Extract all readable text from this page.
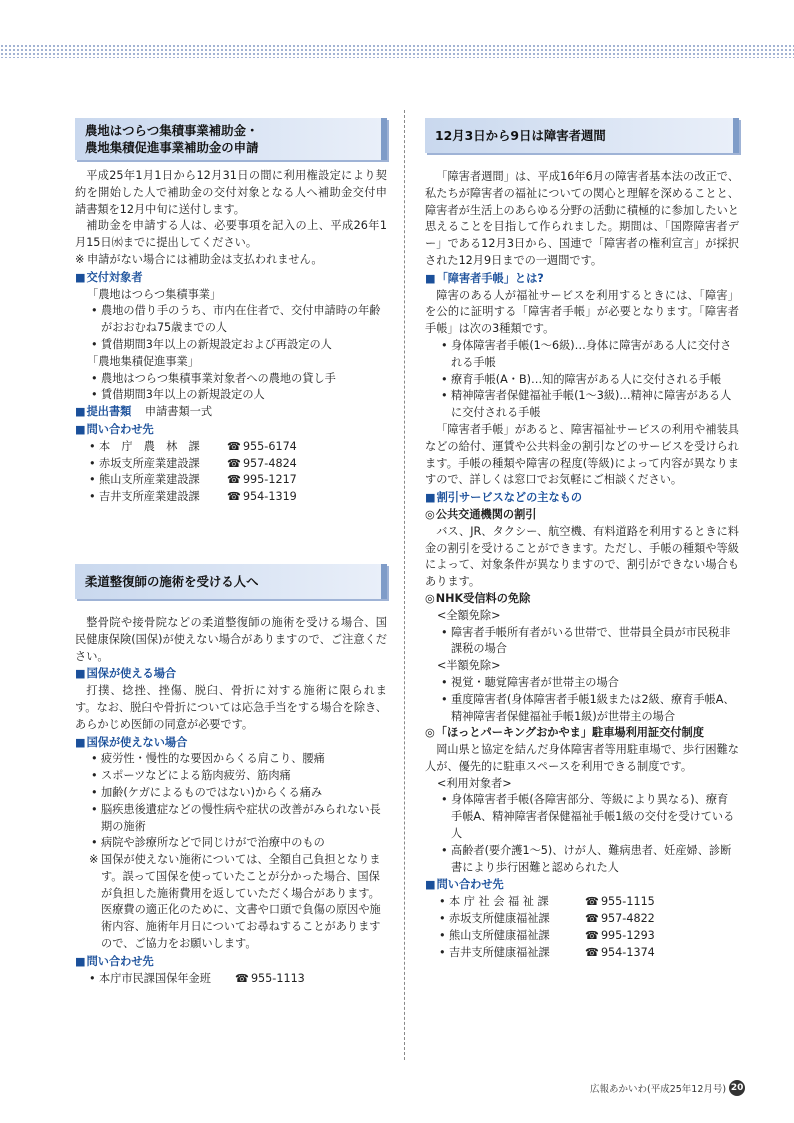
農地はつらつ集積事業補助金・
農地集積促進事業補助金の申請

平成25年1月1日から12月31日の間に利用権設定により契約を開始した人で補助金の交付対象となる人へ補助金交付申請書類を12月中旬に送付します。

補助金を申請する人は、必要事項を記入の上、平成26年1月15日㈬までに提出してください。

※ 申請がない場合には補助金は支払われません。

■ 交付対象者
「農地はつらつ集積事業」
• 農地の借り手のうち、市内在住者で、交付申請時の年齢がおおむね75歳までの人
• 賃借期間3年以上の新規設定および再設定の人
「農地集積促進事業」
• 農地はつらつ集積事業対象者への農地の貸し手
• 賃借期間3年以上の新規設定の人
■ 提出書類 申請書類一式
■ 問い合わせ先
• 本　庁　農　林　課	☎ 955-6174
• 赤坂支所産業建設課	☎ 957-4824
• 熊山支所産業建設課	☎ 995-1217
• 吉井支所産業建設課	☎ 954-1319
柔道整復師の施術を受ける人へ

整骨院や接骨院などの柔道整復師の施術を受ける場合、国民健康保険(国保)が使えない場合がありますので、ご注意ください。

■ 国保が使える場合

打撲、捻挫、挫傷、脱臼、骨折に対する施術に限られます。なお、脱臼や骨折については応急手当をする場合を除き、あらかじめ医師の同意が必要です。

■ 国保が使えない場合
• 疲労性・慢性的な要因からくる肩こり、腰痛
• スポーツなどによる筋肉疲労、筋肉痛
• 加齢(ケガによるものではない)からくる痛み
• 脳疾患後遺症などの慢性病や症状の改善がみられない長期の施術
• 病院や診療所などで同じけがで治療中のもの
※ 国保が使えない施術については、全額自己負担となります。誤って国保を使っていたことが分かった場合、国保が負担した施術費用を返していただく場合があります。医療費の適正化のために、文書や口頭で負傷の原因や施術内容、施術年月日についてお尋ねすることがありますので、ご協力をお願いします。
■ 問い合わせ先
• 本庁市民課国保年金班	☎ 955-1113
12月3日から9日は障害者週間

「障害者週間」は、平成16年6月の障害者基本法の改正で、私たちが障害者の福祉についての関心と理解を深めることと、障害者が生活上のあらゆる分野の活動に積極的に参加したいと思えることを目指して作られました。期間は、「国際障害者デー」である12月3日から、国連で「障害者の権利宣言」が採択された12月9日までの一週間です。

■ 「障害者手帳」とは?

障害のある人が福祉サービスを利用するときには、「障害」を公的に証明する「障害者手帳」が必要となります。「障害者手帳」は次の3種類です。

• 身体障害者手帳(1〜6級)…身体に障害がある人に交付される手帳
• 療育手帳(A・B)…知的障害がある人に交付される手帳
• 精神障害者保健福祉手帳(1〜3級)…精神に障害がある人に交付される手帳

「障害者手帳」があると、障害福祉サービスの利用や補装具などの給付、運賃や公共料金の割引などのサービスを受けられます。手帳の種類や障害の程度(等級)によって内容が異なりますので、詳しくは窓口でお気軽にご相談ください。

■ 割引サービスなどの主なもの
◎ 公共交通機関の割引

バス、JR、タクシー、航空機、有料道路を利用するときに料金の割引を受けることができます。ただし、手帳の種類や等級によって、対象条件が異なりますので、割引ができない場合もあります。

◎ NHK受信料の免除
<全額免除>
• 障害者手帳所有者がいる世帯で、世帯員全員が市民税非課税の場合
<半額免除>
• 視覚・聴覚障害者が世帯主の場合
• 重度障害者(身体障害者手帳1級または2級、療育手帳A、精神障害者保健福祉手帳1級)が世帯主の場合
◎ 「ほっとパーキングおかやま」駐車場利用証交付制度

岡山県と協定を結んだ身体障害者等用駐車場で、歩行困難な人が、優先的に駐車スペースを利用できる制度です。

<利用対象者>
• 身体障害者手帳(各障害部分、等級により異なる)、療育手帳A、精神障害者保健福祉手帳1級の交付を受けている人
• 高齢者(要介護1〜5)、けが人、難病患者、妊産婦、診断書により歩行困難と認められた人
■ 問い合わせ先
• 本 庁 社 会 福 祉 課	☎ 955-1115
• 赤坂支所健康福祉課	☎ 957-4822
• 熊山支所健康福祉課	☎ 995-1293
• 吉井支所健康福祉課	☎ 954-1374
広報あかいわ(平成25年12月号) 20
